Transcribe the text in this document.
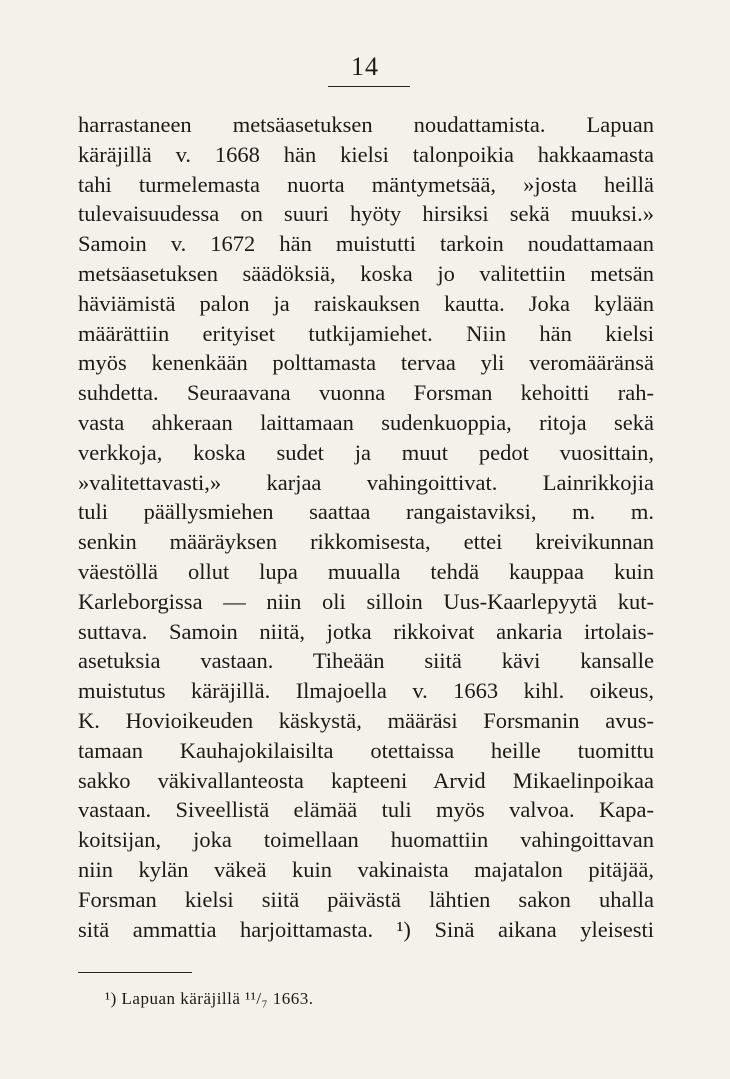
14
harrastaneen metsäasetuksen noudattamista. Lapuan
käräjillä v. 1668 hän kielsi talonpoikia hakkaamasta
tahi turmelemasta nuorta mäntymetsää, »josta heillä
tulevaisuudessa on suuri hyöty hirsiksi sekä muuksi.»
Samoin v. 1672 hän muistutti tarkoin noudattamaan
metsäasetuksen säädöksiä, koska jo valitettiin metsän
häviämistä palon ja raiskauksen kautta. Joka kylään
määrättiin erityiset tutkijamiehet. Niin hän kielsi
myös kenenkään polttamasta tervaa yli veromääränsä
suhdetta. Seuraavana vuonna Forsman kehoitti rah-
vasta ahkeraan laittamaan sudenkuoppia, ritoja sekä
verkkoja, koska sudet ja muut pedot vuosittain,
»valitettavasti,» karjaa vahingoittivat. Lainrikkojia
tuli päällysmiehen saattaa rangaistaviksi, m. m.
senkin määräyksen rikkomisesta, ettei kreivikunnan
väestöllä ollut lupa muualla tehdä kauppaa kuin
Karleborgissa — niin oli silloin Uus-Kaarlepyytä kut-
suttava. Samoin niitä, jotka rikkoivat ankaria irtolais-
asetuksia vastaan. Tiheään siitä kävi kansalle
muistutus käräjillä. Ilmajoella v. 1663 kihl. oikeus,
K. Hovioikeuden käskystä, määräsi Forsmanin avus-
tamaan Kauhajokilaisilta otettaissa heille tuomittu
sakko väkivallanteosta kapteeni Arvid Mikaelinpoikaa
vastaan. Siveellistä elämää tuli myös valvoa. Kapa-
koitsijan, joka toimellaan huomattiin vahingoittavan
niin kylän väkeä kuin vakinaista majatalon pitäjää,
Forsman kielsi siitä päivästä lähtien sakon uhalla
sitä ammattia harjoittamasta. ¹) Sinä aikana yleisesti
¹) Lapuan käräjillä ¹¹/₇ 1663.
